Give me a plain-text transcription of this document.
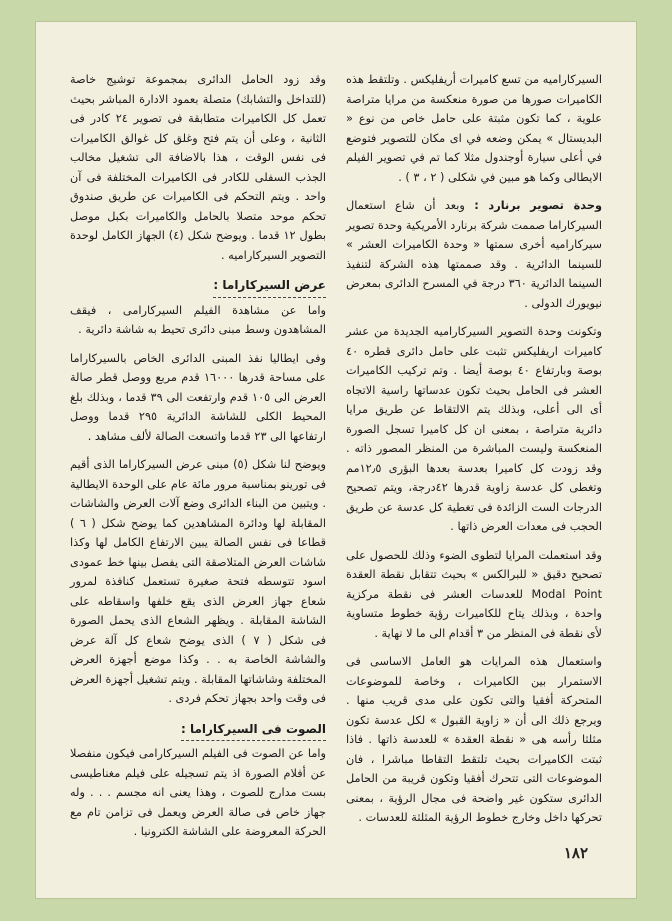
السيركاراميه من تسع كاميرات أريفليكس . وتلتقط هذه الكاميرات صورها من صورة منعكسة من مرايا متراصة علوية ، كما تكون مثبتة على حامل خاص من نوع « البديستال » يمكن وضعه في اى مكان للتصوير فتوضع في أعلى سيارة أوجندول مثلا كما تم في تصوير الفيلم الايطالى وكما هو مبين في شكلى ( ٢ ، ٣ ) .

وحدة تصوير برنارد : وبعد أن شاع استعمال السيركاراما صممت شركة برنارد الأمريكية وحدة تصوير سيركاراميه أخرى سمتها « وحدة الكاميرات العشر » للسينما الدائرية . وقد صممتها هذه الشركة لتنفيذ السينما الدائرية ٣٦٠ درجة في المسرح الدائرى بمعرض نيويورك الدولى .

وتكونت وحدة التصوير السيركاراميه الجديدة من عشر كاميرات اريفليكس تثبت على حامل دائرى قطره ٤٠ بوصة وبارتفاع ٤٠ بوصة أيضا . وتم تركيب الكاميرات العشر فى الحامل بحيث تكون عدساتها راسية الاتجاه أى الى أعلى، وبذلك يتم الالتقاط عن طريق مرايا دائرية متراصة ، بمعنى ان كل كاميرا تسجل الصورة المنعكسة وليست المباشرة من المنظر المصور ذاته . وقد زودت كل كاميرا بعدسة بعدها البؤرى ١٢٫٥مم وتغطى كل عدسة زاوية قدرها ٤٢درجة، ويتم تصحيح الدرجات الست الزائدة فى تغطية كل عدسة عن طريق الحجب فى معدات العرض ذاتها .

وقد استعملت المرايا لتطوى الضوء وذلك للحصول على تصحيح دقيق « للبرالكس » بحيث تتقابل نقطة العقدة Modal Point للعدسات العشر فى نقطة مركزية واحدة ، وبذلك يتاح للكاميرات رؤية خطوط متساوية لأى نقطة فى المنظر من ٣ أقدام الى ما لا نهاية .

واستعمال هذه المرايات هو العامل الاساسى فى الاستمرار بين الكاميرات ، وخاصة للموضوعات المتحركة أفقيا والتى تكون على مدى قريب منها . ويرجع ذلك الى أن « زاوية القبول » لكل عدسة تكون مثلثا رأسه هى « نقطة العقدة » للعدسة ذاتها . فاذا ثبتت الكاميرات بحيث تلتقط التقاطا مباشرا ، فان الموضوعات التى تتحرك أفقيا وتكون قريبة من الحامل الدائرى ستكون غير واضحة فى مجال الرؤية ، بمعنى تحركها داخل وخارج خطوط الرؤية المثلثة للعدسات .

وقد زود الحامل الدائرى بمجموعة توشيج خاصة (للتداخل والتشابك) متصلة بعمود الادارة المباشر بحيث تعمل كل الكاميرات متطابقة فى تصوير ٢٤ كادر فى الثانية ، وعلى أن يتم فتح وغلق كل غوالق الكاميرات فى نفس الوقت ، هذا بالاضافة الى تشغيل مخالب الجذب السفلى للكادر فى الكاميرات المختلفة فى آن واحد . ويتم التحكم فى الكاميرات عن طريق صندوق تحكم موحد متصلا بالحامل والكاميرات بكبل موصل بطول ١٢ قدما . ويوضح شكل (٤) الجهاز الكامل لوحدة التصوير السيركاراميه .

عرض السيركاراما :

واما عن مشاهدة الفيلم السيركارامى ، فيقف المشاهدون وسط مبنى دائرى تحيط به شاشة دائرية .

وفى ايطاليا نفذ المبنى الدائرى الخاص بالسيركاراما على مساحة قدرها ١٦٠٠٠ قدم مربع ووصل قطر صالة العرض الى ١٠٥ قدم وارتفعت الى ٣٩ قدما ، وبذلك بلغ المحيط الكلى للشاشة الدائرية ٢٩٥ قدما ووصل ارتفاعها الى ٢٣ قدما واتسعت الصالة لألف مشاهد .

ويوضح لنا شكل (٥) مبنى عرض السيركاراما الذى أقيم فى تورينو بمناسبة مرور مائة عام على الوحدة الايطالية . ويتبين من البناء الدائرى وضع آلات العرض والشاشات المقابلة لها ودائرة المشاهدين كما يوضح شكل ( ٦ ) قطاعا فى نفس الصالة يبين الارتفاع الكامل لها وكذا شاشات العرض المتلاصقة التى يفصل بينها خط عمودى اسود تتوسطه فتحة صغيرة تستعمل كنافذة لمرور شعاع جهاز العرض الذى يقع خلفها واسقاطه على الشاشة المقابلة . ويظهر الشعاع الذى يحمل الصورة فى شكل ( ٧ ) الذى يوضح شعاع كل آلة عرض والشاشة الخاصة به . . وكذا موضع أجهزة العرض المختلفة وشاشاتها المقابلة . ويتم تشغيل أجهزة العرض فى وقت واحد بجهاز تحكم فردى .

الصوت فى السيركاراما :

واما عن الصوت فى الفيلم السيركارامى فيكون منفصلا عن أفلام الصورة اذ يتم تسجيله على فيلم مغناطيسى بست مدارج للصوت ، وهذا يعنى انه مجسم . . . وله جهاز خاص فى صالة العرض ويعمل فى تزامن تام مع الحركة المعروضة على الشاشة الكترونيا .

١٨٢
